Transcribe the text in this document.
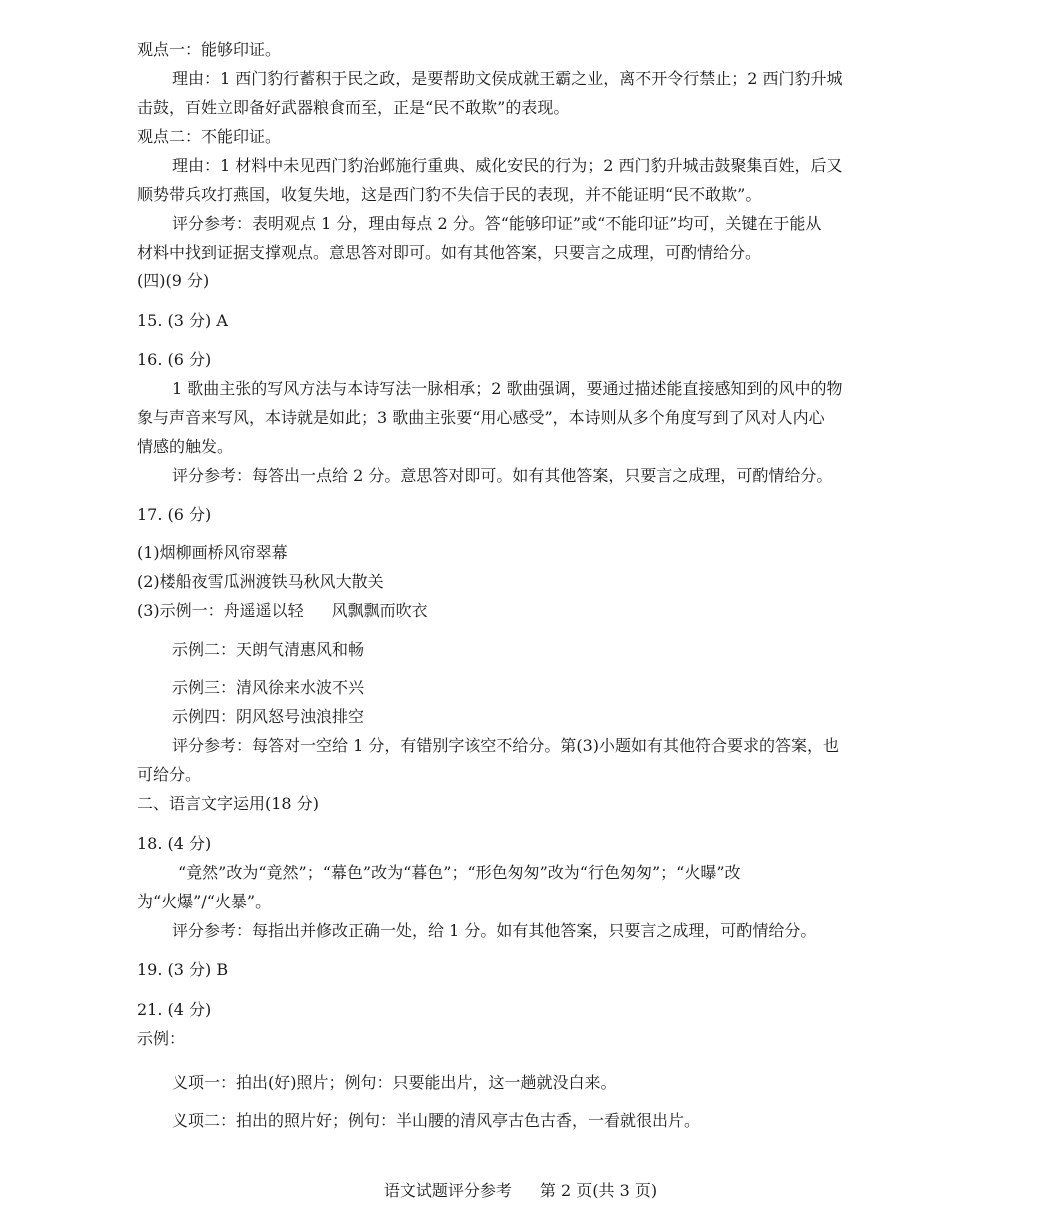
观点一：能够印证。
理由：1 西门豹行蓄积于民之政，是要帮助文侯成就王霸之业，离不开令行禁止；2 西门豹升城
击鼓，百姓立即备好武器粮食而至，正是“民不敢欺”的表现。
观点二：不能印证。
理由：1 材料中未见西门豹治邺施行重典、威化安民的行为；2 西门豹升城击鼓聚集百姓，后又
顺势带兵攻打燕国，收复失地，这是西门豹不失信于民的表现，并不能证明“民不敢欺”。
评分参考：表明观点 1 分，理由每点 2 分。答“能够印证”或“不能印证”均可，关键在于能从
材料中找到证据支撑观点。意思答对即可。如有其他答案，只要言之成理，可酌情给分。
(四)(9 分)
15. (3 分) A
16. (6 分)
1 歌曲主张的写风方法与本诗写法一脉相承；2 歌曲强调，要通过描述能直接感知到的风中的物
象与声音来写风，本诗就是如此；3 歌曲主张要“用心感受”，本诗则从多个角度写到了风对人内心
情感的触发。
评分参考：每答出一点给 2 分。意思答对即可。如有其他答案，只要言之成理，可酌情给分。
17. (6 分)
(1)烟柳画桥风帘翠幕
(2)楼船夜雪瓜洲渡铁马秋风大散关
(3)示例一：舟遥遥以轻 风飘飘而吹衣
示例二：天朗气清惠风和畅
示例三：清风徐来水波不兴
示例四：阴风怒号浊浪排空
评分参考：每答对一空给 1 分，有错别字该空不给分。第(3)小题如有其他符合要求的答案，也
可给分。
二、语言文字运用(18 分)
18. (4 分)
“竟然”改为“竟然”；“幕色”改为“暮色”；“形色匆匆”改为“行色匆匆”；“火曝”改
为“火爆”/“火暴”。
评分参考：每指出并修改正确一处，给 1 分。如有其他答案，只要言之成理，可酌情给分。
19. (3 分) B
21. (4 分)
示例：
义项一：拍出(好)照片；例句：只要能出片，这一趟就没白来。
义项二：拍出的照片好；例句：半山腰的清风亭古色古香，一看就很出片。
语文试题评分参考 第 2 页(共 3 页)
